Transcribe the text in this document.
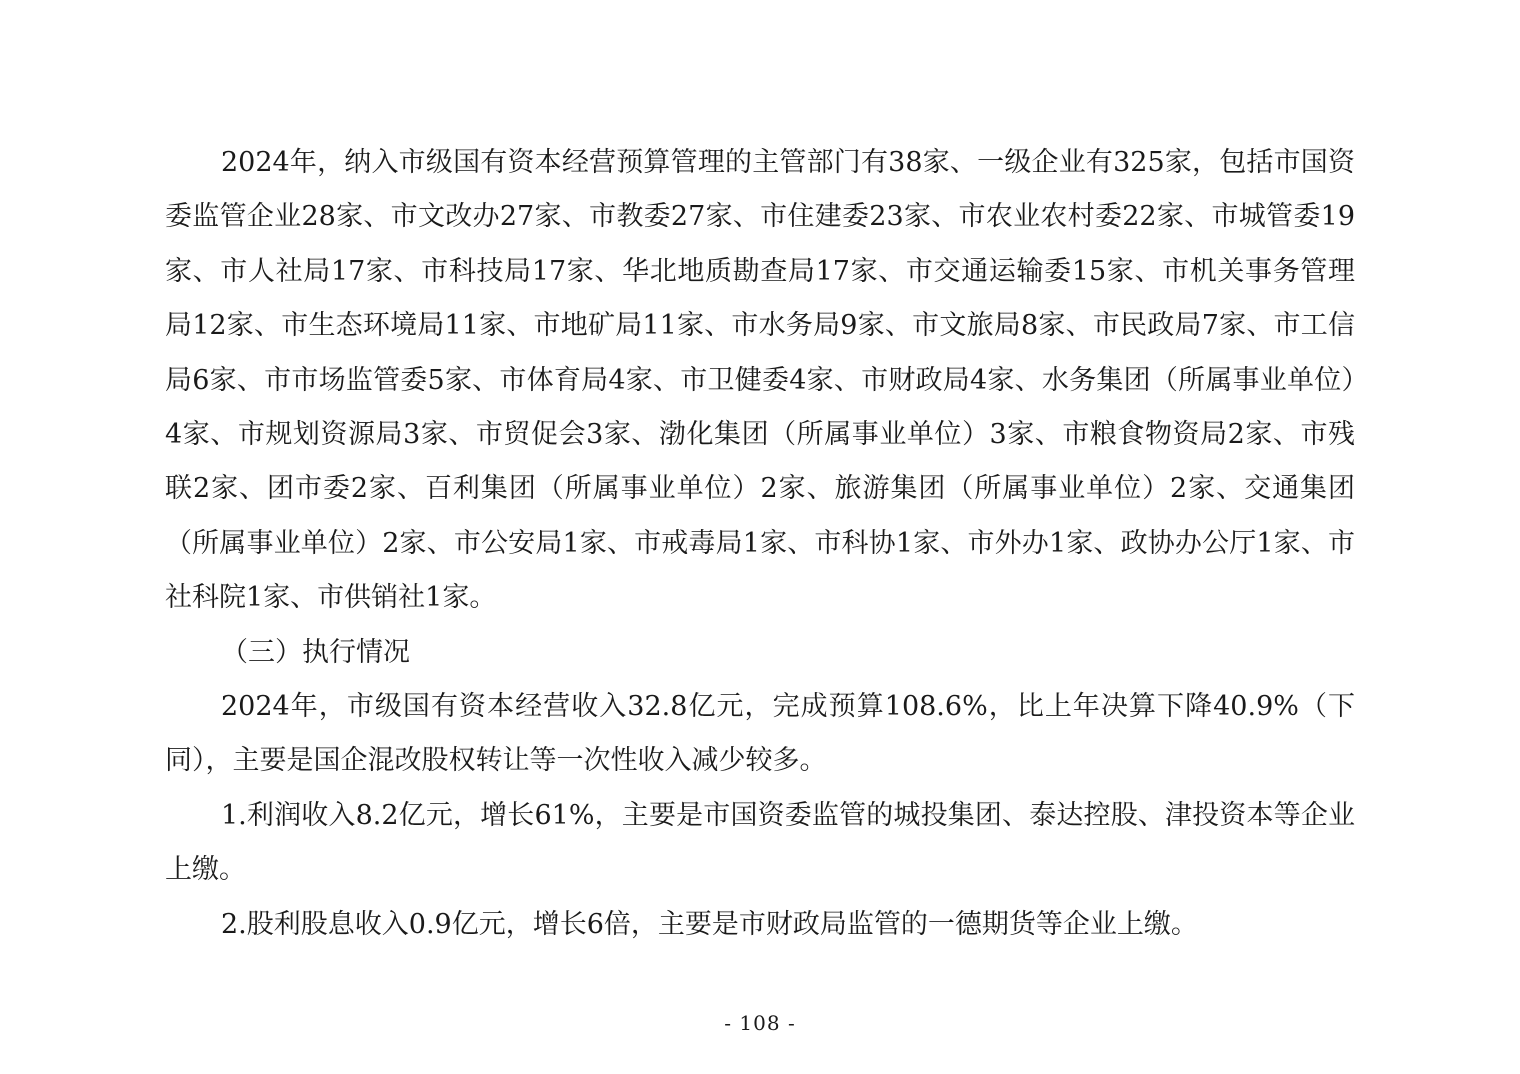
2024年，纳入市级国有资本经营预算管理的主管部门有38家、一级企业有325家，包括市国资委监管企业28家、市文改办27家、市教委27家、市住建委23家、市农业农村委22家、市城管委19家、市人社局17家、市科技局17家、华北地质勘查局17家、市交通运输委15家、市机关事务管理局12家、市生态环境局11家、市地矿局11家、市水务局9家、市文旅局8家、市民政局7家、市工信局6家、市市场监管委5家、市体育局4家、市卫健委4家、市财政局4家、水务集团（所属事业单位）4家、市规划资源局3家、市贸促会3家、渤化集团（所属事业单位）3家、市粮食物资局2家、市残联2家、团市委2家、百利集团（所属事业单位）2家、旅游集团（所属事业单位）2家、交通集团（所属事业单位）2家、市公安局1家、市戒毒局1家、市科协1家、市外办1家、政协办公厅1家、市社科院1家、市供销社1家。

（三）执行情况

2024年，市级国有资本经营收入32.8亿元，完成预算108.6%，比上年决算下降40.9%（下同），主要是国企混改股权转让等一次性收入减少较多。

1.利润收入8.2亿元，增长61%，主要是市国资委监管的城投集团、泰达控股、津投资本等企业上缴。

2.股利股息收入0.9亿元，增长6倍，主要是市财政局监管的一德期货等企业上缴。

- 108 -
